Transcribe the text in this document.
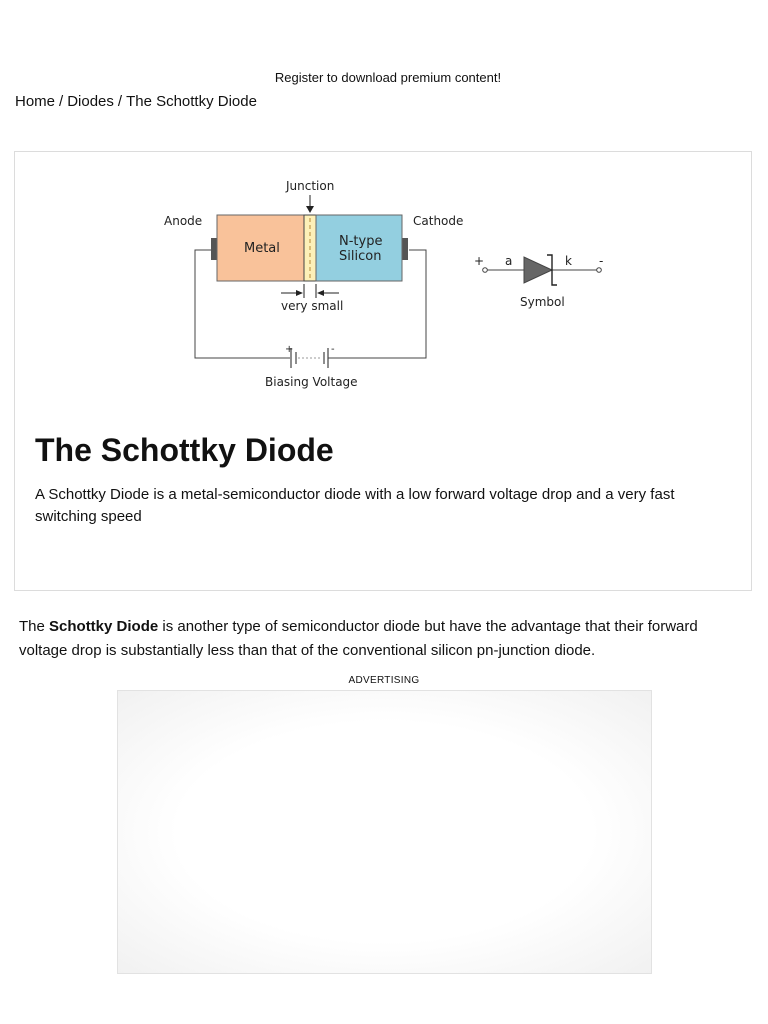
Register to download premium content!
Home / Diodes / The Schottky Diode
+	-
Biasing Voltage
Metal	N-type
Silicon
Anode	Cathode
Junction
very small
+	-
a	k
Symbol
The Schottky Diode

A Schottky Diode is a metal-semiconductor diode with a low forward voltage drop and a very fast switching speed

The Schottky Diode is another type of semiconductor diode but have the advantage that their forward voltage drop is substantially less than that of the conventional silicon pn-junction diode.

ADVERTISING
